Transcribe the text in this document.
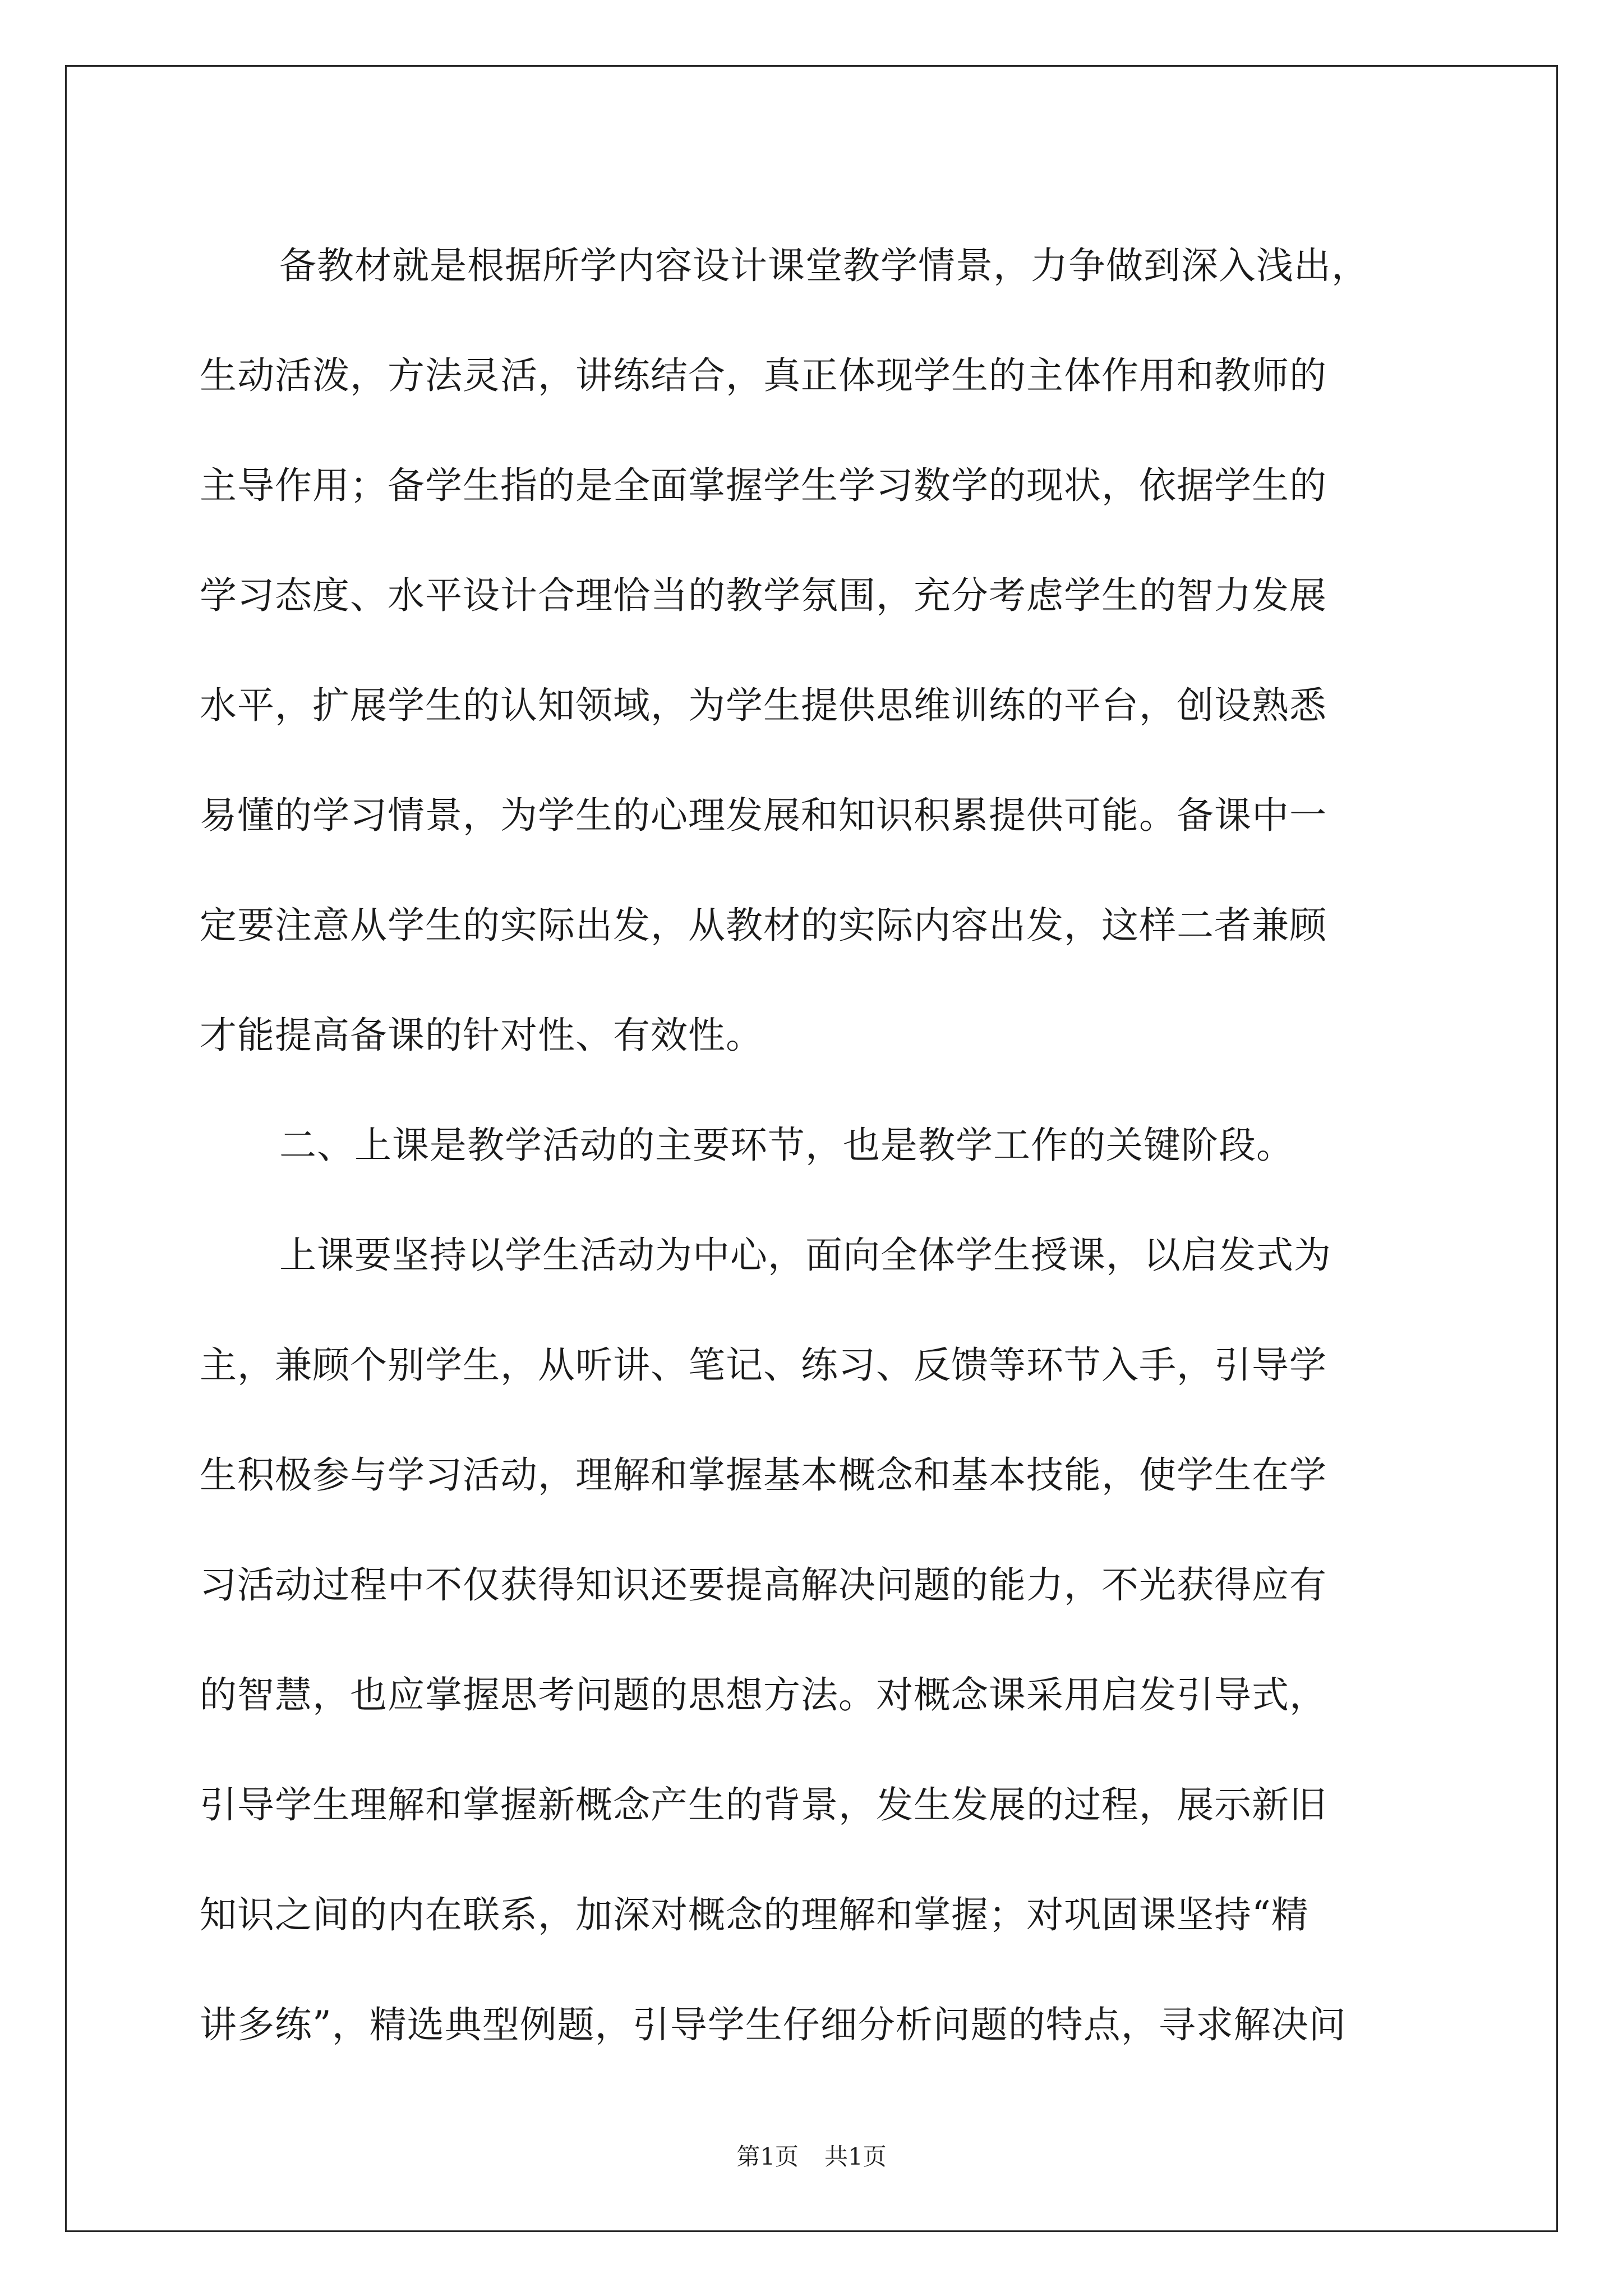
备教材就是根据所学内容设计课堂教学情景，力争做到深入浅出，
生动活泼，方法灵活，讲练结合，真正体现学生的主体作用和教师的
主导作用；备学生指的是全面掌握学生学习数学的现状，依据学生的
学习态度、水平设计合理恰当的教学氛围，充分考虑学生的智力发展
水平，扩展学生的认知领域，为学生提供思维训练的平台，创设熟悉
易懂的学习情景，为学生的心理发展和知识积累提供可能。备课中一
定要注意从学生的实际出发，从教材的实际内容出发，这样二者兼顾
才能提高备课的针对性、有效性。
二、上课是教学活动的主要环节，也是教学工作的关键阶段。
上课要坚持以学生活动为中心，面向全体学生授课，以启发式为
主，兼顾个别学生，从听讲、笔记、练习、反馈等环节入手，引导学
生积极参与学习活动，理解和掌握基本概念和基本技能，使学生在学
习活动过程中不仅获得知识还要提高解决问题的能力，不光获得应有
的智慧，也应掌握思考问题的思想方法。对概念课采用启发引导式，
引导学生理解和掌握新概念产生的背景，发生发展的过程，展示新旧
知识之间的内在联系，加深对概念的理解和掌握；对巩固课坚持“精
讲多练”，精选典型例题，引导学生仔细分析问题的特点，寻求解决问
第1页 共1页
